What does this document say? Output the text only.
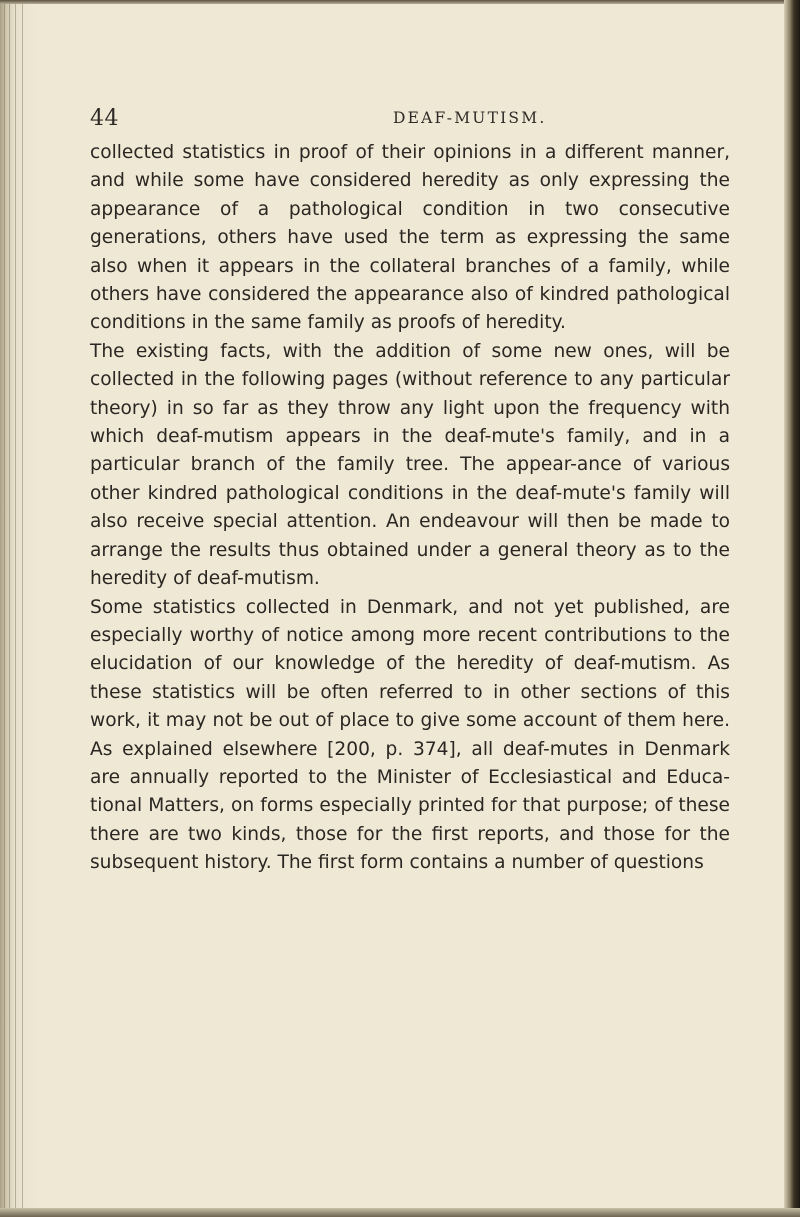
44	DEAF-MUTISM.

collected statistics in proof of their opinions in a different manner, and while some have considered heredity as only expressing the appearance of a pathological condition in two consecutive generations, others have used the term as expressing the same also when it appears in the collateral branches of a family, while others have considered the appearance also of kindred pathological conditions in the same family as proofs of heredity.

The existing facts, with the addition of some new ones, will be collected in the following pages (without reference to any particular theory) in so far as they throw any light upon the frequency with which deaf-mutism appears in the deaf-mute's family, and in a particular branch of the family tree. The appear-ance of various other kindred pathological conditions in the deaf-mute's family will also receive special attention. An endeavour will then be made to arrange the results thus obtained under a general theory as to the heredity of deaf-mutism.

Some statistics collected in Denmark, and not yet published, are especially worthy of notice among more recent contributions to the elucidation of our knowledge of the heredity of deaf-mutism. As these statistics will be often referred to in other sections of this work, it may not be out of place to give some account of them here. As explained elsewhere [200, p. 374], all deaf-mutes in Denmark are annually reported to the Minister of Ecclesiastical and Educa-tional Matters, on forms especially printed for that purpose; of these there are two kinds, those for the first reports, and those for the subsequent history. The first form contains a number of questions
